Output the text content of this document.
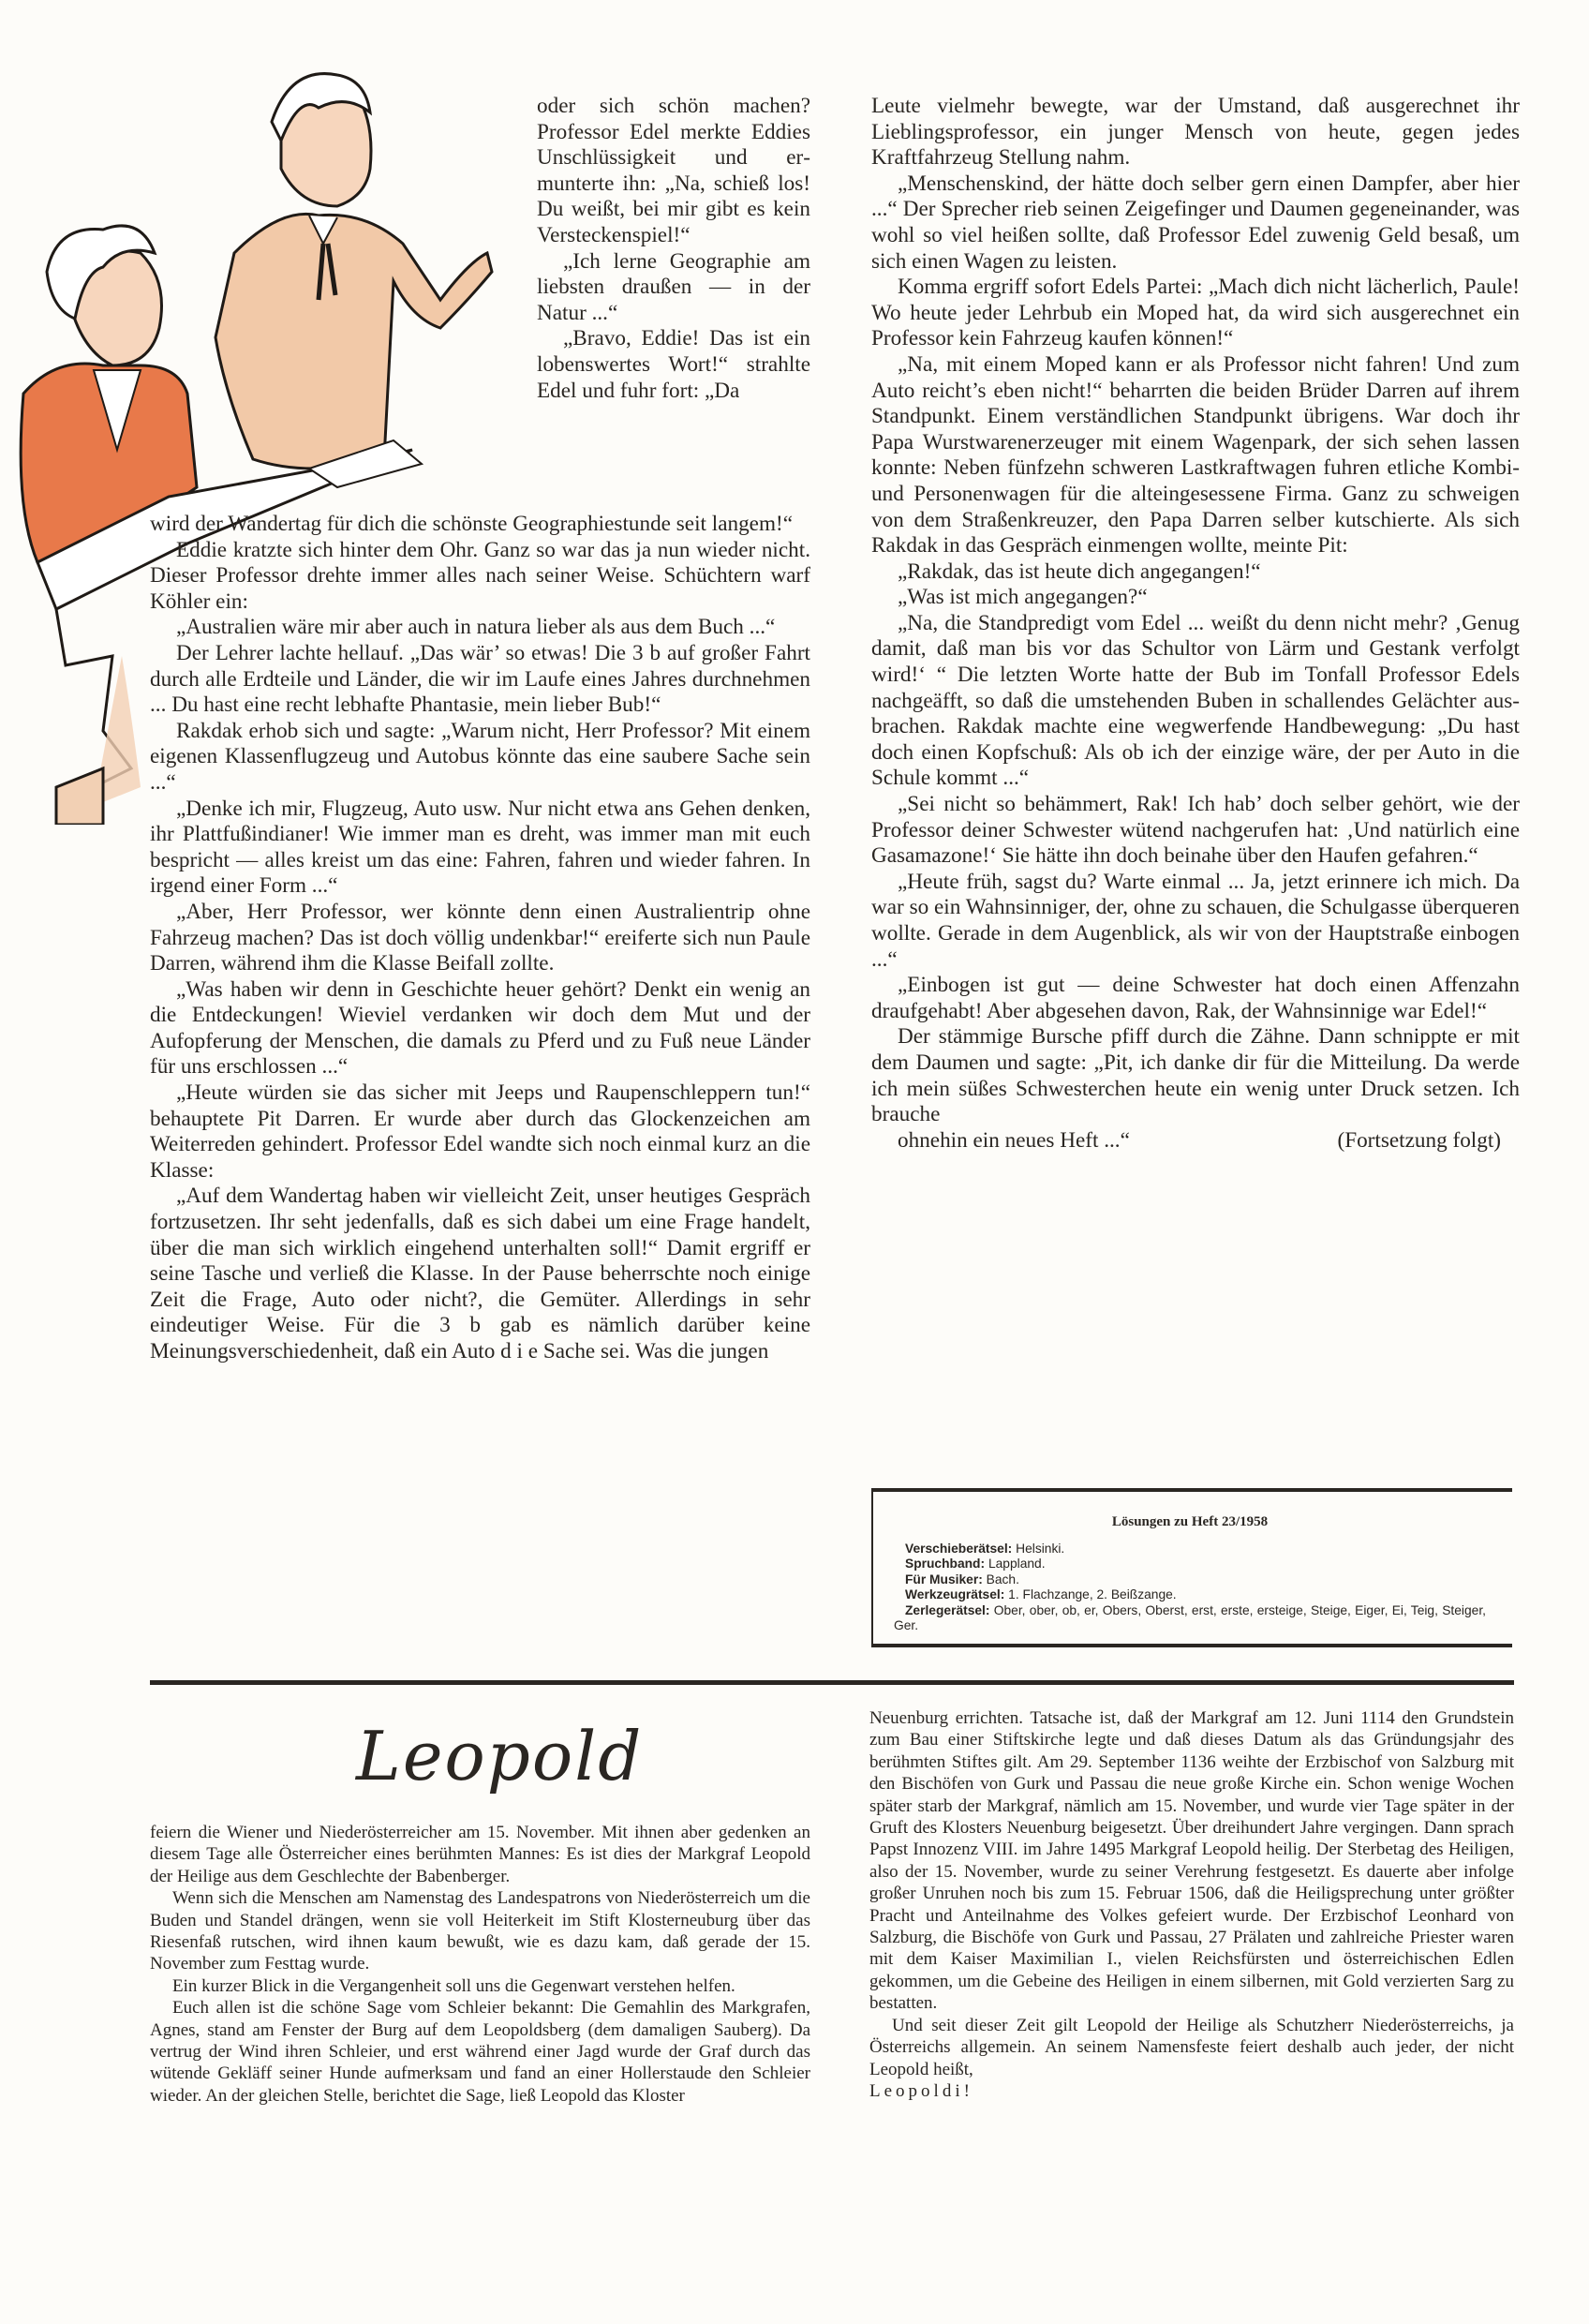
oder sich schön machen? Professor Edel merkte Eddies Unschlüssigkeit und ermunterte ihn: „Na, schieß los! Du weißt, bei mir gibt es kein Versteckenspiel!“

„Ich lerne Geographie am liebsten draußen — in der Natur ...“

„Bravo, Eddie! Das ist ein lobenswertes Wort!“ strahlte Edel und fuhr fort: „Da

wird der Wandertag für dich die schönste Geographiestunde seit langem!“

Eddie kratzte sich hinter dem Ohr. Ganz so war das ja nun wieder nicht. Dieser Professor drehte immer alles nach seiner Weise. Schüchtern warf Köhler ein:

„Australien wäre mir aber auch in natura lieber als aus dem Buch ...“

Der Lehrer lachte hellauf. „Das wär’ so etwas! Die 3 b auf großer Fahrt durch alle Erdteile und Länder, die wir im Laufe eines Jahres durchnehmen ... Du hast eine recht lebhafte Phantasie, mein lieber Bub!“

Rakdak erhob sich und sagte: „Warum nicht, Herr Professor? Mit einem eigenen Klassenflugzeug und Autobus könnte das eine saubere Sache sein ...“

„Denke ich mir, Flugzeug, Auto usw. Nur nicht etwa ans Gehen denken, ihr Plattfußindianer! Wie immer man es dreht, was immer man mit euch bespricht — alles kreist um das eine: Fahren, fahren und wieder fahren. In irgend einer Form ...“

„Aber, Herr Professor, wer könnte denn einen Australientrip ohne Fahrzeug machen? Das ist doch völlig undenkbar!“ ereiferte sich nun Paule Darren, während ihm die Klasse Beifall zollte.

„Was haben wir denn in Geschichte heuer gehört? Denkt ein wenig an die Entdeckungen! Wieviel verdanken wir doch dem Mut und der Aufopferung der Menschen, die damals zu Pferd und zu Fuß neue Länder für uns erschlossen ...“

„Heute würden sie das sicher mit Jeeps und Raupenschleppern tun!“ behauptete Pit Darren. Er wurde aber durch das Glockenzeichen am Weiterreden gehindert. Professor Edel wandte sich noch einmal kurz an die Klasse:

„Auf dem Wandertag haben wir vielleicht Zeit, unser heutiges Gespräch fortzusetzen. Ihr seht jedenfalls, daß es sich dabei um eine Frage handelt, über die man sich wirklich eingehend unterhalten soll!“ Damit ergriff er seine Tasche und verließ die Klasse. In der Pause beherrschte noch einige Zeit die Frage, Auto oder nicht?, die Gemüter. Allerdings in sehr eindeutiger Weise. Für die 3 b gab es nämlich darüber keine Meinungsverschiedenheit, daß ein Auto d i e Sache sei. Was die jungen

Leute vielmehr bewegte, war der Umstand, daß ausgerechnet ihr Lieblingsprofessor, ein junger Mensch von heute, gegen jedes Kraftfahrzeug Stellung nahm.

„Menschenskind, der hätte doch selber gern einen Dampfer, aber hier ...“ Der Sprecher rieb seinen Zeigefinger und Daumen gegeneinander, was wohl so viel heißen sollte, daß Professor Edel zuwenig Geld besaß, um sich einen Wagen zu leisten.

Komma ergriff sofort Edels Partei: „Mach dich nicht lächerlich, Paule! Wo heute jeder Lehrbub ein Moped hat, da wird sich ausgerechnet ein Professor kein Fahrzeug kaufen können!“

„Na, mit einem Moped kann er als Professor nicht fahren! Und zum Auto reicht’s eben nicht!“ beharrten die beiden Brüder Darren auf ihrem Standpunkt. Einem verständlichen Standpunkt übrigens. War doch ihr Papa Wurstwarenerzeuger mit einem Wagenpark, der sich sehen lassen konnte: Neben fünfzehn schweren Lastkraftwagen fuhren etliche Kombi- und Personenwagen für die alteingesessene Firma. Ganz zu schweigen von dem Straßenkreuzer, den Papa Darren selber kutschierte. Als sich Rakdak in das Gespräch einmengen wollte, meinte Pit:

„Rakdak, das ist heute dich angegangen!“

„Was ist mich angegangen?“

„Na, die Standpredigt vom Edel ... weißt du denn nicht mehr? ‚Genug damit, daß man bis vor das Schultor von Lärm und Gestank verfolgt wird!‘ “ Die letzten Worte hatte der Bub im Tonfall Professor Edels nachgeäfft, so daß die umstehenden Buben in schallendes Gelächter ausbrachen. Rakdak machte eine wegwerfende Handbewegung: „Du hast doch einen Kopfschuß: Als ob ich der einzige wäre, der per Auto in die Schule kommt ...“

„Sei nicht so behämmert, Rak! Ich hab’ doch selber gehört, wie der Professor deiner Schwester wütend nachgerufen hat: ‚Und natürlich eine Gasamazone!‘ Sie hätte ihn doch beinahe über den Haufen gefahren.“

„Heute früh, sagst du? Warte einmal ... Ja, jetzt erinnere ich mich. Da war so ein Wahnsinniger, der, ohne zu schauen, die Schulgasse überqueren wollte. Gerade in dem Augenblick, als wir von der Hauptstraße einbogen ...“

„Einbogen ist gut — deine Schwester hat doch einen Affenzahn draufgehabt! Aber abgesehen davon, Rak, der Wahnsinnige war Edel!“

Der stämmige Bursche pfiff durch die Zähne. Dann schnippte er mit dem Daumen und sagte: „Pit, ich danke dir für die Mitteilung. Da werde ich mein süßes Schwesterchen heute ein wenig unter Druck setzen. Ich brauche

ohnehin ein neues Heft ...“	(Fortsetzung folgt)

Lösungen zu Heft 23/1958
Verschieberätsel: Helsinki.
Spruchband: Lappland.
Für Musiker: Bach.
Werkzeugrätsel: 1. Flachzange, 2. Beißzange.
Zerlegerätsel: Ober, ober, ob, er, Obers, Oberst, erst, erste, ersteige, Steige, Eiger, Ei, Teig, Steiger, Ger.
Leopold

feiern die Wiener und Niederösterreicher am 15. November. Mit ihnen aber gedenken an diesem Tage alle Österreicher eines berühmten Mannes: Es ist dies der Markgraf Leopold der Heilige aus dem Geschlechte der Babenberger.

Wenn sich die Menschen am Namenstag des Landespatrons von Niederösterreich um die Buden und Standel drängen, wenn sie voll Heiterkeit im Stift Klosterneuburg über das Riesenfaß rutschen, wird ihnen kaum bewußt, wie es dazu kam, daß gerade der 15. November zum Festtag wurde.

Ein kurzer Blick in die Vergangenheit soll uns die Gegenwart verstehen helfen.

Euch allen ist die schöne Sage vom Schleier bekannt: Die Gemahlin des Markgrafen, Agnes, stand am Fenster der Burg auf dem Leopoldsberg (dem damaligen Sauberg). Da vertrug der Wind ihren Schleier, und erst während einer Jagd wurde der Graf durch das wütende Gekläff seiner Hunde aufmerksam und fand an einer Hollerstaude den Schleier wieder. An der gleichen Stelle, berichtet die Sage, ließ Leopold das Kloster

Neuenburg errichten. Tatsache ist, daß der Markgraf am 12. Juni 1114 den Grundstein zum Bau einer Stiftskirche legte und daß dieses Datum als das Gründungsjahr des berühmten Stiftes gilt. Am 29. September 1136 weihte der Erzbischof von Salzburg mit den Bischöfen von Gurk und Passau die neue große Kirche ein. Schon wenige Wochen später starb der Markgraf, nämlich am 15. November, und wurde vier Tage später in der Gruft des Klosters Neuenburg beigesetzt. Über dreihundert Jahre vergingen. Dann sprach Papst Innozenz VIII. im Jahre 1495 Markgraf Leopold heilig. Der Sterbetag des Heiligen, also der 15. November, wurde zu seiner Verehrung festgesetzt. Es dauerte aber infolge großer Unruhen noch bis zum 15. Februar 1506, daß die Heiligsprechung unter größter Pracht und Anteilnahme des Volkes gefeiert wurde. Der Erzbischof Leonhard von Salzburg, die Bischöfe von Gurk und Passau, 27 Prälaten und zahlreiche Priester waren mit dem Kaiser Maximilian I., vielen Reichsfürsten und österreichischen Edlen gekommen, um die Gebeine des Heiligen in einem silbernen, mit Gold verzierten Sarg zu bestatten.

Und seit dieser Zeit gilt Leopold der Heilige als Schutzherr Niederösterreichs, ja Österreichs allgemein. An seinem Namensfeste feiert deshalb auch jeder, der nicht Leopold heißt,

Leopoldi!
